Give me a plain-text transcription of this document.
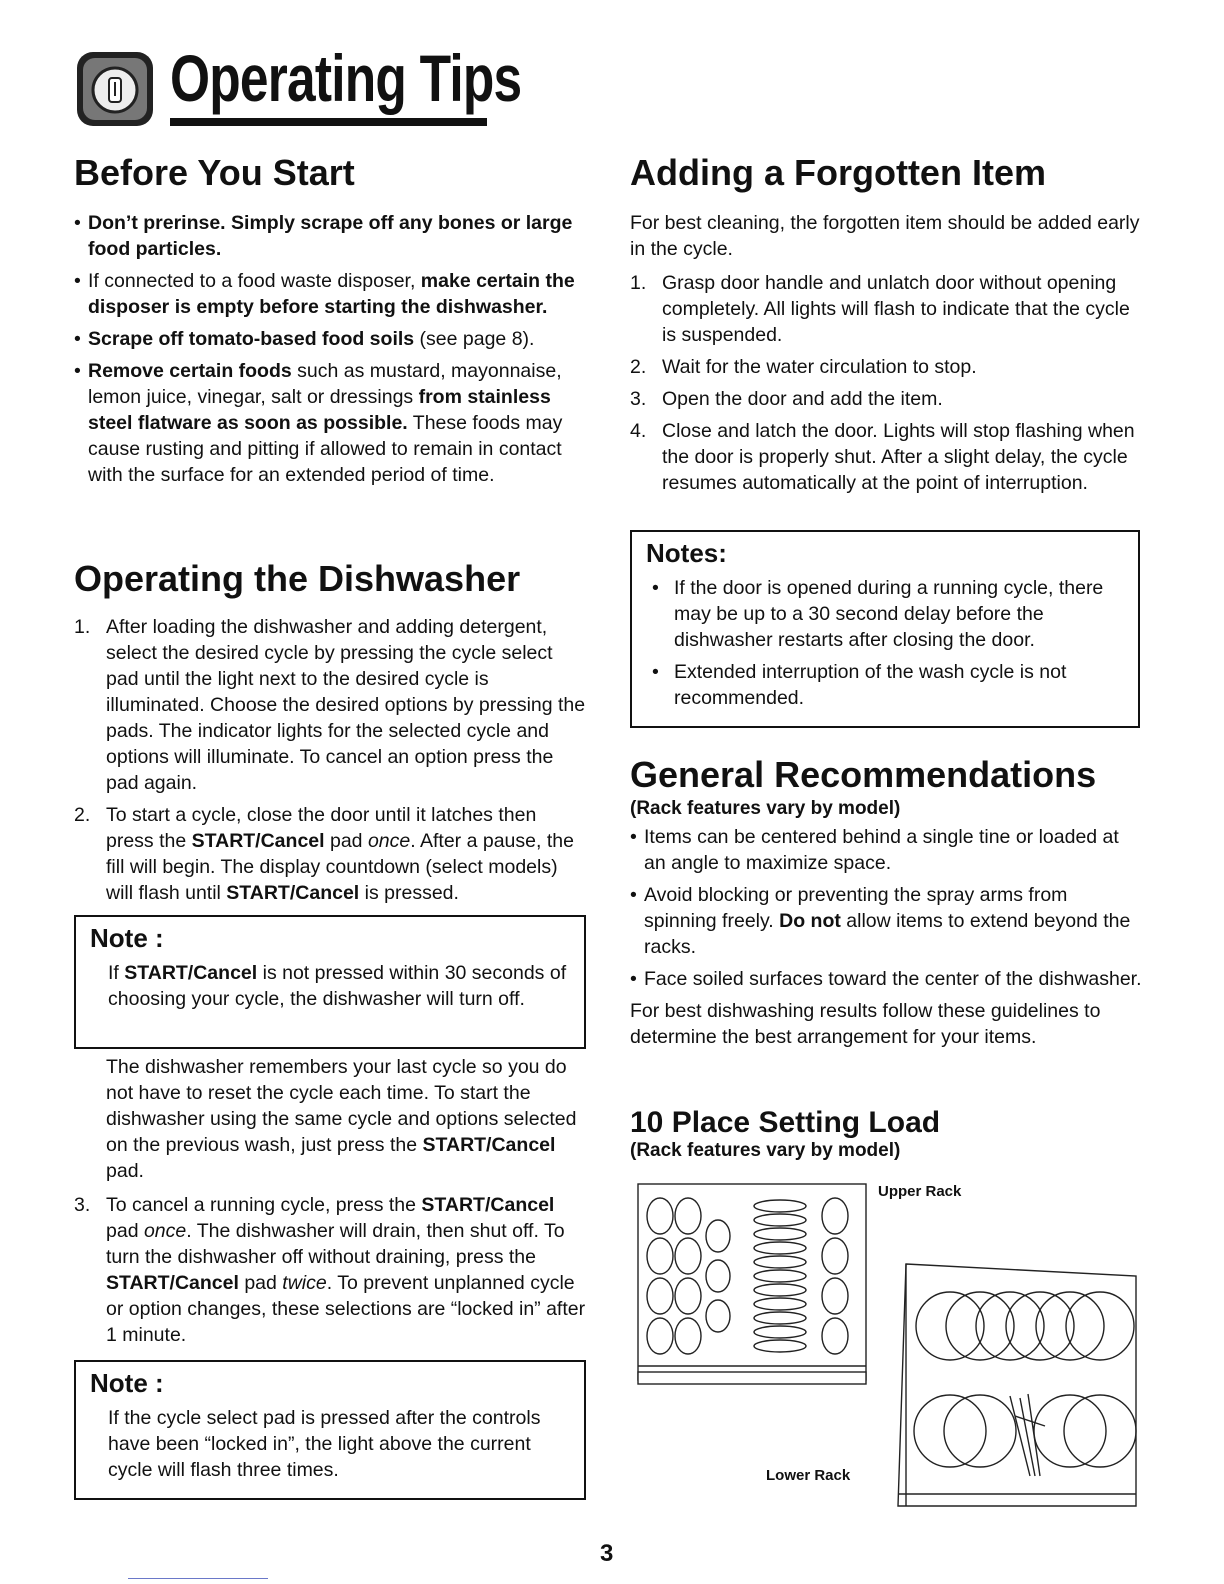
Operating Tips
Before You Start
• Don’t prerinse. Simply scrape off any bones or large food particles.
• If connected to a food waste disposer, make certain the disposer is empty before starting the dishwasher.
• Scrape off tomato-based food soils (see page 8).
• Remove certain foods such as mustard, mayonnaise, lemon juice, vinegar, salt or dressings from stainless steel flatware as soon as possible. These foods may cause rusting and pitting if allowed to remain in contact with the surface for an extended period of time.
Operating the Dishwasher
1. After loading the dishwasher and adding detergent, select the desired cycle by pressing the cycle select pad until the light next to the desired cycle is illuminated. Choose the desired options by pressing the pads. The indicator lights for the selected cycle and options will illuminate. To cancel an option press the pad again.
2. To start a cycle, close the door until it latches then press the START/Cancel pad once. After a pause, the fill will begin. The display countdown (select models) will flash until START/Cancel is pressed.
Note :

If START/Cancel is not pressed within 30 seconds of choosing your cycle, the dishwasher will turn off.

The dishwasher remembers your last cycle so you do not have to reset the cycle each time. To start the dishwasher using the same cycle and options selected on the previous wash, just press the START/Cancel pad.

3. To cancel a running cycle, press the START/Cancel pad once. The dishwasher will drain, then shut off. To turn the dishwasher off without draining, press the START/Cancel pad twice. To prevent unplanned cycle or option changes, these selections are “locked in” after 1 minute.
Note :

If the cycle select pad is pressed after the controls have been “locked in”, the light above the current cycle will flash three times.

Adding a Forgotten Item

For best cleaning, the forgotten item should be added early in the cycle.

1. Grasp door handle and unlatch door without opening completely. All lights will flash to indicate that the cycle is suspended.
2. Wait for the water circulation to stop.
3. Open the door and add the item.
4. Close and latch the door. Lights will stop flashing when the door is properly shut. After a slight delay, the cycle resumes automatically at the point of interruption.
Notes:
• If the door is opened during a running cycle, there may be up to a 30 second delay before the dishwasher restarts after closing the door.
• Extended interruption of the wash cycle is not recommended.
General Recommendations
(Rack features vary by model)
• Items can be centered behind a single tine or loaded at an angle to maximize space.
• Avoid blocking or preventing the spray arms from spinning freely. Do not allow items to extend beyond the racks.
• Face soiled surfaces toward the center of the dishwasher.

For best dishwashing results follow these guidelines to determine the best arrangement for your items.

10 Place Setting Load
(Rack features vary by model)
Upper Rack
Lower Rack
3
